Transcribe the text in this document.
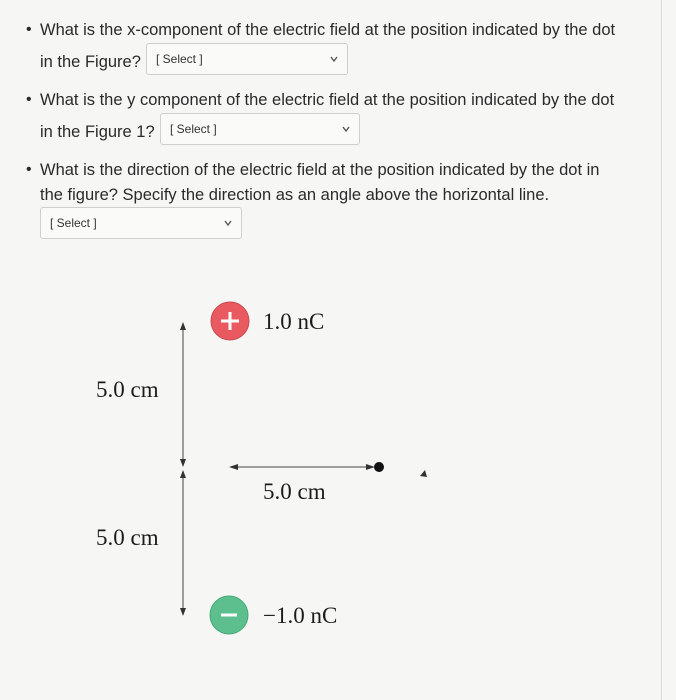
• What is the x-component of the electric field at the position indicated by the dot
in the Figure? [ Select ]
• What is the y component of the electric field at the position indicated by the dot
in the Figure 1? [ Select ]
• What is the direction of the electric field at the position indicated by the dot in
the figure? Specify the direction as an angle above the horizontal line.
[ Select ]
1.0 nC
5.0 cm
5.0 cm
5.0 cm
−1.0 nC
